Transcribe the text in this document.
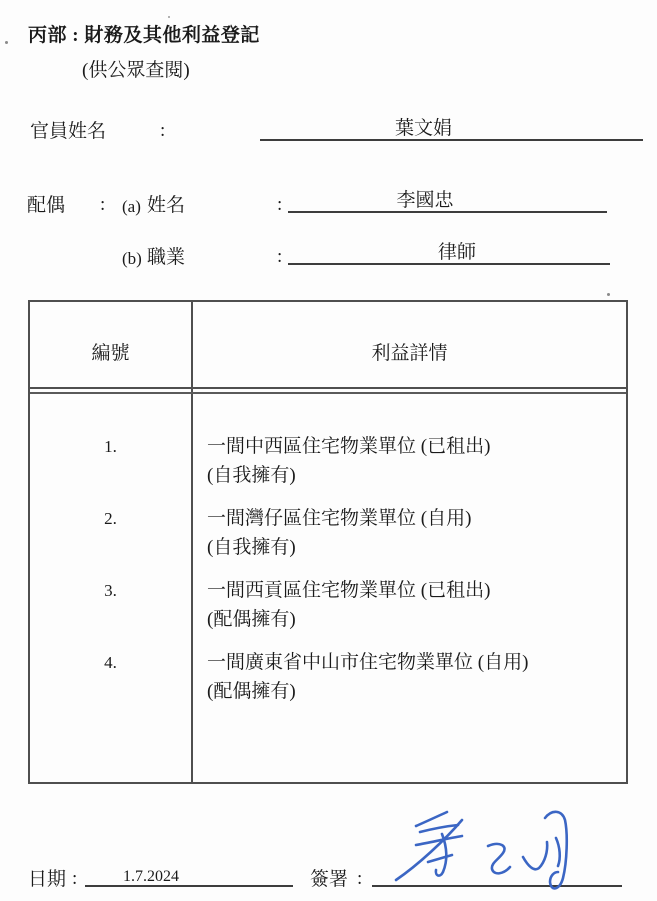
丙部 : 財務及其他利益登記
(供公眾查閱)
官員姓名	:	葉文娟
配偶 : (a) 姓名	:	李國忠
(b) 職業	:	律師
編號	利益詳情
1.	一間中西區住宅物業單位 (已租出)
(自我擁有)
2.	一間灣仔區住宅物業單位 (自用)
(自我擁有)
3.	一間西貢區住宅物業單位 (已租出)
(配偶擁有)
4.	一間廣東省中山市住宅物業單位 (自用)
(配偶擁有)
日期 :	1.7.2024	簽署 :
